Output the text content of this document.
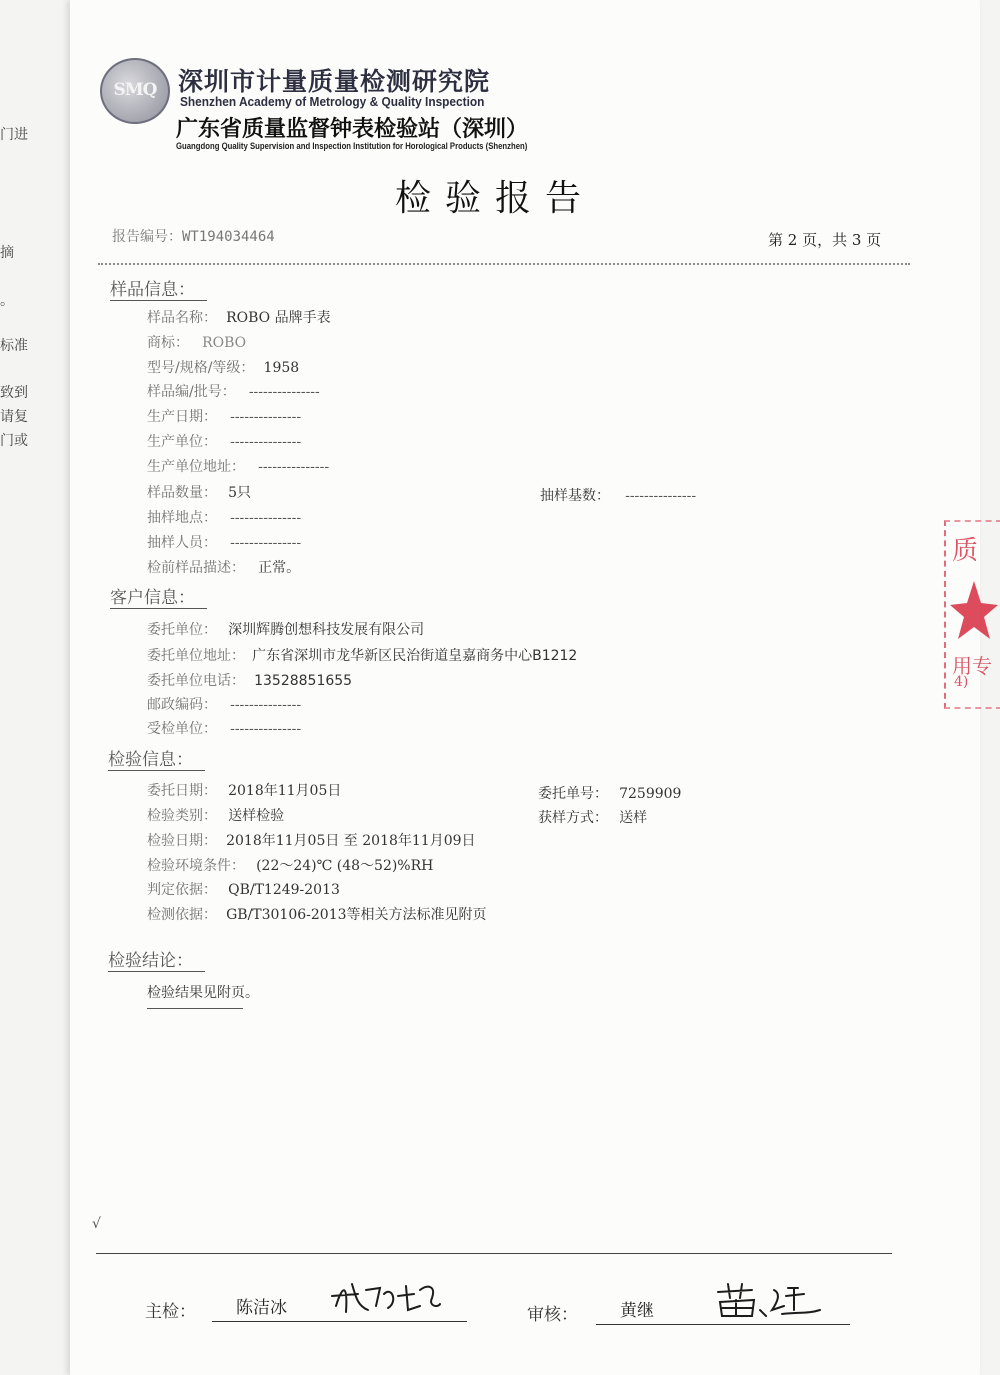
门进
摘
。
标准
致到
请复
门或
SMQ 深圳市计量质量检测研究院
Shenzhen Academy of Metrology & Quality Inspection
广东省质量监督钟表检验站（深圳）
Guangdong Quality Supervision and Inspection Institution for Horological Products (Shenzhen)
检验报告
报告编号：WT194034464	第 2 页，共 3 页
样品信息：
样品名称： ROBO 品牌手表
商标： ROBO
型号/规格/等级： 1958
样品编/批号： ---------------
生产日期： ---------------
生产单位： ---------------
生产单位地址： ---------------
样品数量： 5只	抽样基数： ---------------
抽样地点： ---------------
抽样人员： ---------------
检前样品描述： 正常。
客户信息：
委托单位： 深圳辉腾创想科技发展有限公司
委托单位地址： 广东省深圳市龙华新区民治街道皇嘉商务中心B1212
委托单位电话： 13528851655
邮政编码： ---------------
受检单位： ---------------
检验信息：
委托日期： 2018年11月05日	委托单号： 7259909
检验类别： 送样检验	获样方式： 送样
检验日期： 2018年11月05日 至 2018年11月09日
检验环境条件： (22～24)℃ (48～52)%RH
判定依据： QB/T1249-2013
检测依据： GB/T30106-2013等相关方法标准见附页
检验结论：
检验结果见附页。
√
主检： 陈洁冰	审核： 黄继
质
用专
4)
